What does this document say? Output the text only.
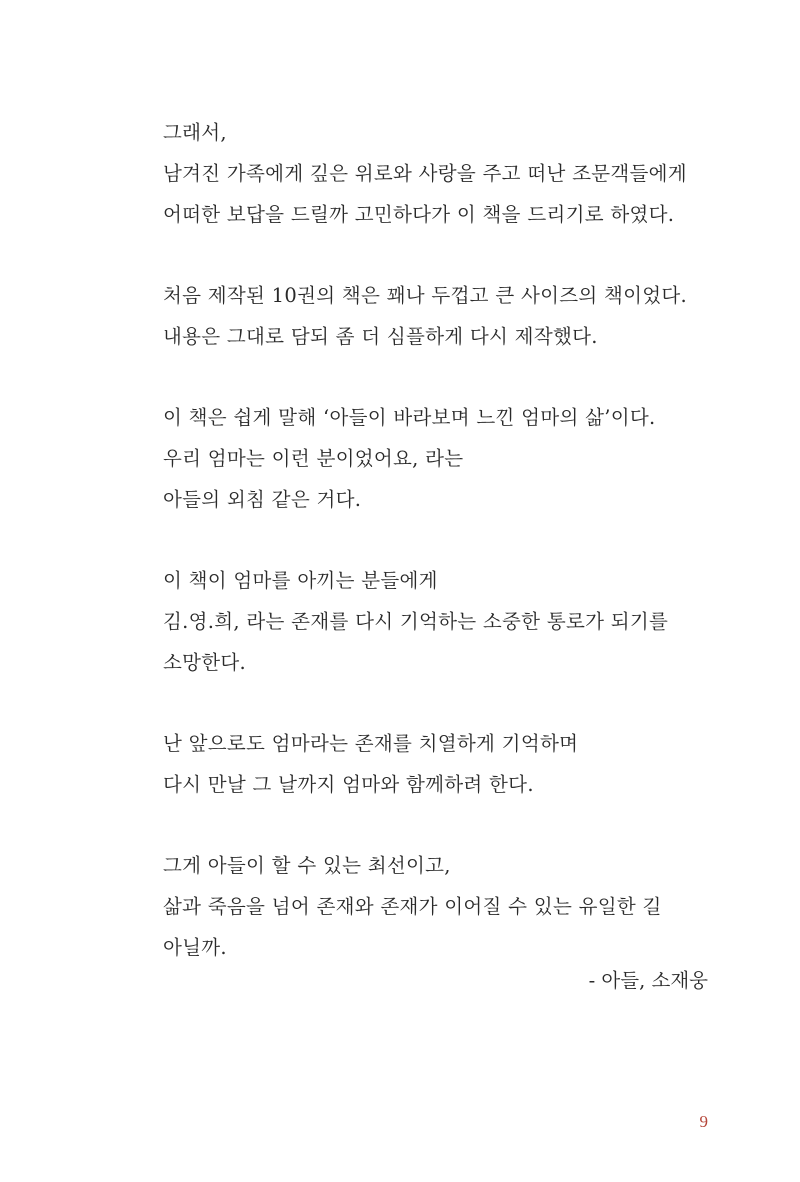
그래서,
남겨진 가족에게 깊은 위로와 사랑을 주고 떠난 조문객들에게
어떠한 보답을 드릴까 고민하다가 이 책을 드리기로 하였다.
처음 제작된 10권의 책은 꽤나 두껍고 큰 사이즈의 책이었다.
내용은 그대로 담되 좀 더 심플하게 다시 제작했다.
이 책은 쉽게 말해 ‘아들이 바라보며 느낀 엄마의 삶’이다.
우리 엄마는 이런 분이었어요, 라는
아들의 외침 같은 거다.
이 책이 엄마를 아끼는 분들에게
김.영.희, 라는 존재를 다시 기억하는 소중한 통로가 되기를
소망한다.
난 앞으로도 엄마라는 존재를 치열하게 기억하며
다시 만날 그 날까지 엄마와 함께하려 한다.
그게 아들이 할 수 있는 최선이고,
삶과 죽음을 넘어 존재와 존재가 이어질 수 있는 유일한 길
아닐까.
- 아들, 소재웅
9
